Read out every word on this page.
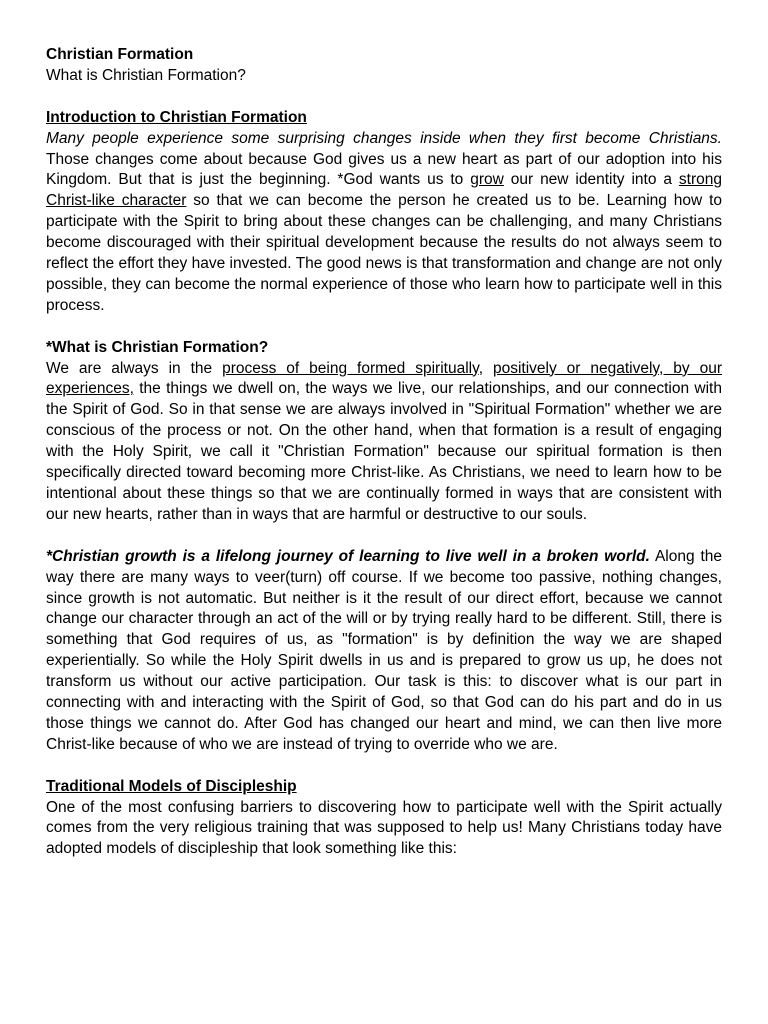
Christian Formation
What is Christian Formation?
Introduction to Christian Formation

Many people experience some surprising changes inside when they first become Christians. Those changes come about because God gives us a new heart as part of our adoption into his Kingdom. But that is just the beginning. *God wants us to grow our new identity into a strong Christ-like character so that we can become the person he created us to be. Learning how to participate with the Spirit to bring about these changes can be challenging, and many Christians become discouraged with their spiritual development because the results do not always seem to reflect the effort they have invested. The good news is that transformation and change are not only possible, they can become the normal experience of those who learn how to participate well in this process.

*What is Christian Formation?

We are always in the process of being formed spiritually, positively or negatively, by our experiences, the things we dwell on, the ways we live, our relationships, and our connection with the Spirit of God. So in that sense we are always involved in "Spiritual Formation" whether we are conscious of the process or not. On the other hand, when that formation is a result of engaging with the Holy Spirit, we call it "Christian Formation" because our spiritual formation is then specifically directed toward becoming more Christ-like. As Christians, we need to learn how to be intentional about these things so that we are continually formed in ways that are consistent with our new hearts, rather than in ways that are harmful or destructive to our souls.

*Christian growth is a lifelong journey of learning to live well in a broken world. Along the way there are many ways to veer(turn) off course. If we become too passive, nothing changes, since growth is not automatic. But neither is it the result of our direct effort, because we cannot change our character through an act of the will or by trying really hard to be different. Still, there is something that God requires of us, as "formation" is by definition the way we are shaped experientially. So while the Holy Spirit dwells in us and is prepared to grow us up, he does not transform us without our active participation. Our task is this: to discover what is our part in connecting with and interacting with the Spirit of God, so that God can do his part and do in us those things we cannot do. After God has changed our heart and mind, we can then live more Christ-like because of who we are instead of trying to override who we are.

Traditional Models of Discipleship

One of the most confusing barriers to discovering how to participate well with the Spirit actually comes from the very religious training that was supposed to help us! Many Christians today have adopted models of discipleship that look something like this:
